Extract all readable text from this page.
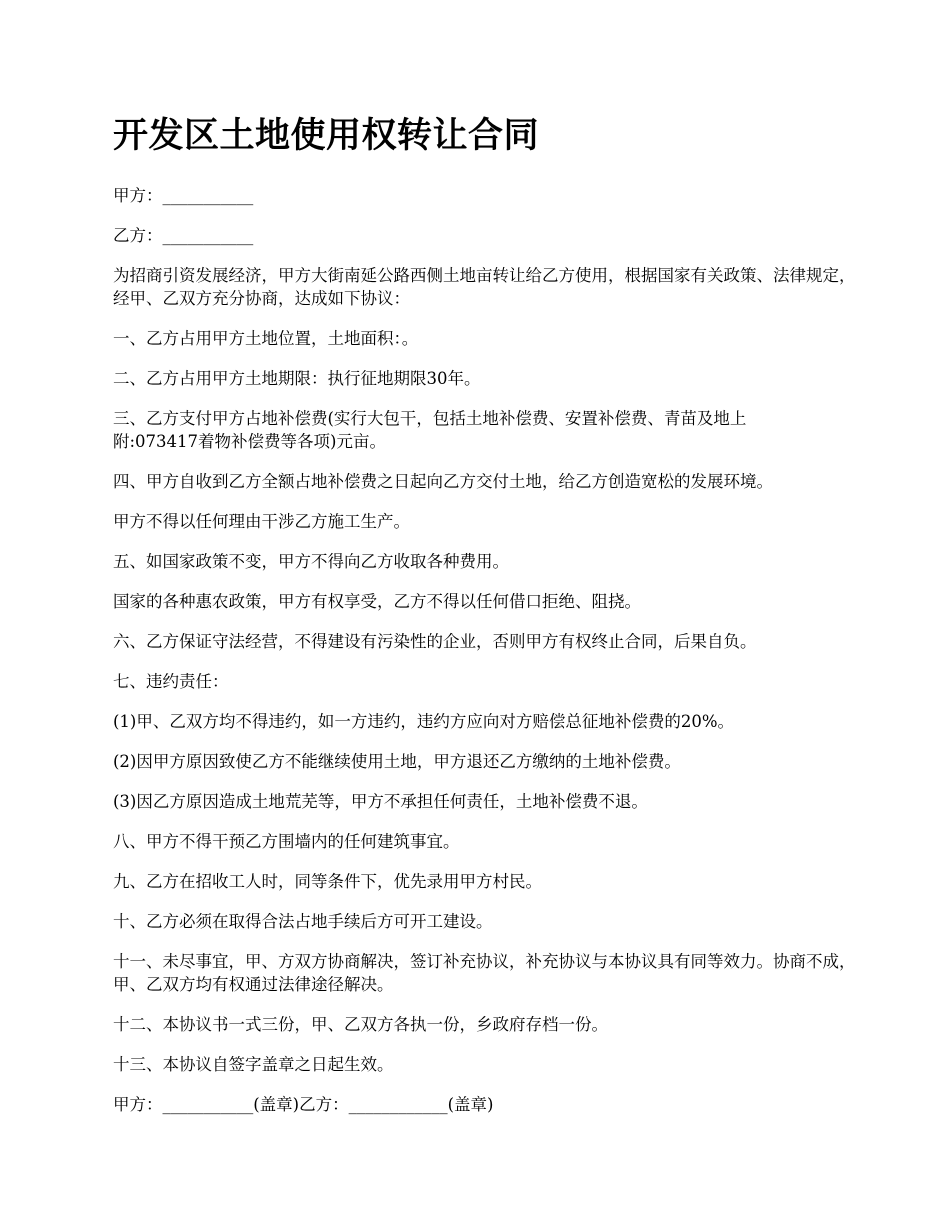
开发区土地使用权转让合同

甲方：___________

乙方：___________

为招商引资发展经济，甲方大街南延公路西侧土地亩转让给乙方使用，根据国家有关政策、法律规定，经甲、乙双方充分协商，达成如下协议：

一、乙方占用甲方土地位置，土地面积：。

二、乙方占用甲方土地期限：执行征地期限30年。

三、乙方支付甲方占地补偿费(实行大包干，包括土地补偿费、安置补偿费、青苗及地上
附:073417着物补偿费等各项)元亩。

四、甲方自收到乙方全额占地补偿费之日起向乙方交付土地，给乙方创造宽松的发展环境。

甲方不得以任何理由干涉乙方施工生产。

五、如国家政策不变，甲方不得向乙方收取各种费用。

国家的各种惠农政策，甲方有权享受，乙方不得以任何借口拒绝、阻挠。

六、乙方保证守法经营，不得建设有污染性的企业，否则甲方有权终止合同，后果自负。

七、违约责任：

(1)甲、乙双方均不得违约，如一方违约，违约方应向对方赔偿总征地补偿费的20%。

(2)因甲方原因致使乙方不能继续使用土地，甲方退还乙方缴纳的土地补偿费。

(3)因乙方原因造成土地荒芜等，甲方不承担任何责任，土地补偿费不退。

八、甲方不得干预乙方围墙内的任何建筑事宜。

九、乙方在招收工人时，同等条件下，优先录用甲方村民。

十、乙方必须在取得合法占地手续后方可开工建设。

十一、未尽事宜，甲、方双方协商解决，签订补充协议，补充协议与本协议具有同等效力。协商不成，甲、乙双方均有权通过法律途径解决。

十二、本协议书一式三份，甲、乙双方各执一份，乡政府存档一份。

十三、本协议自签字盖章之日起生效。

甲方：___________(盖章)乙方：____________(盖章)
